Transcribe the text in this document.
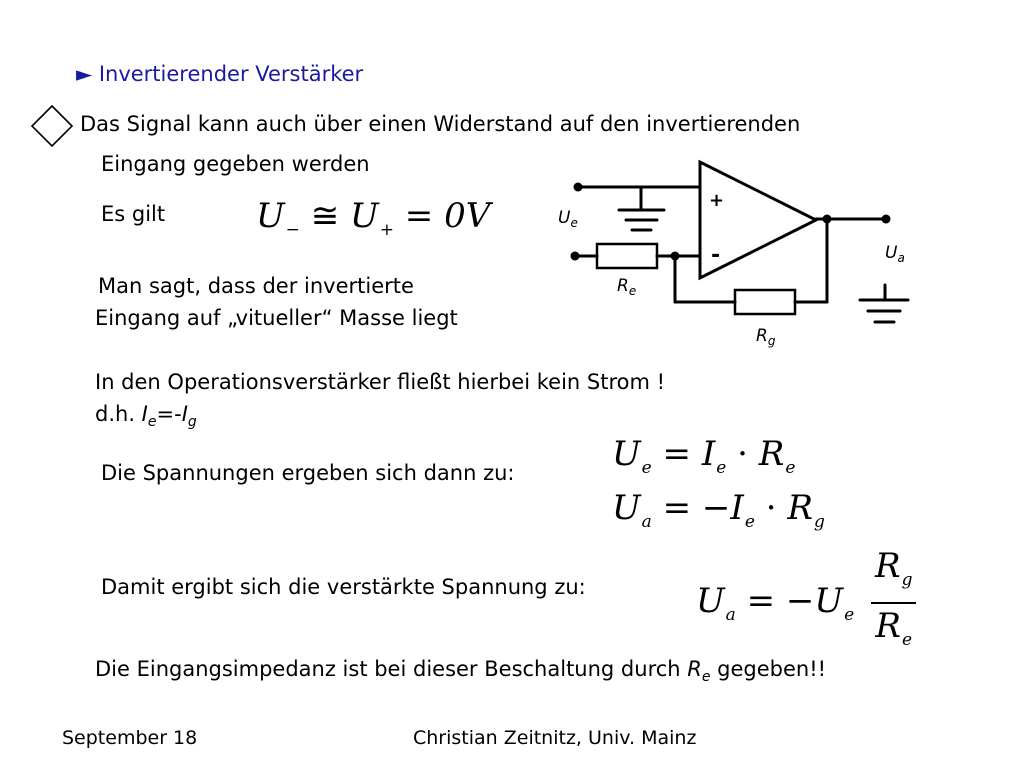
► Invertierender Verstärker
Das Signal kann auch über einen Widerstand auf den invertierenden
Eingang gegeben werden
Es gilt	$U_-$ ≅ $U_+ = 0V$
Man sagt, dass der invertierte
Eingang auf „vitueller“ Masse liegt
In den Operationsverstärker fließt hierbei kein Strom !
d.h. $I_e=-I_g$
Die Spannungen ergeben sich dann zu:	$U_e = I_e \cdot R_e$
$U_a = -I_e \cdot R_g$
Damit ergibt sich die verstärkte Spannung zu:	$U_a = -U_e \frac{R_g}{R_e}$
Die Eingangsimpedanz ist bei dieser Beschaltung durch $R_e$ gegeben!!
+
-
$U_e$
$U_a$
$R_e$
$R_g$
September 18	Christian Zeitnitz, Univ. Mainz
